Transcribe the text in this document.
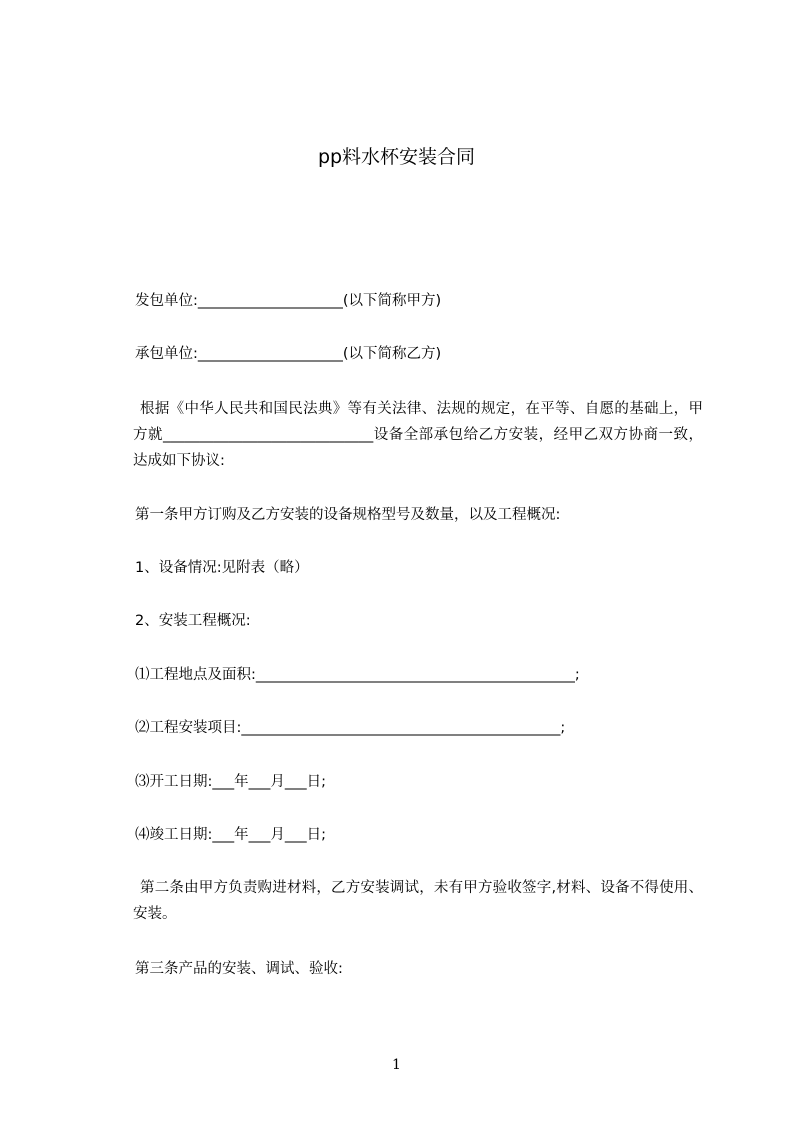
pp料水杯安装合同
发包单位:____________________(以下简称甲方)
承包单位:____________________(以下简称乙方)
根据《中华人民共和国民法典》等有关法律、法规的规定，在平等、自愿的基础上，甲方就_____________________________设备全部承包给乙方安装，经甲乙双方协商一致，达成如下协议:
第一条甲方订购及乙方安装的设备规格型号及数量，以及工程概况:
1、设备情况:见附表（略）
2、安装工程概况:
⑴工程地点及面积:____________________________________________;
⑵工程安装项目:____________________________________________;
⑶开工日期:___年___月___日;
⑷竣工日期:___年___月___日;
第二条由甲方负责购进材料，乙方安装调试，未有甲方验收签字,材料、设备不得使用、安装。
第三条产品的安装、调试、验收:
1
